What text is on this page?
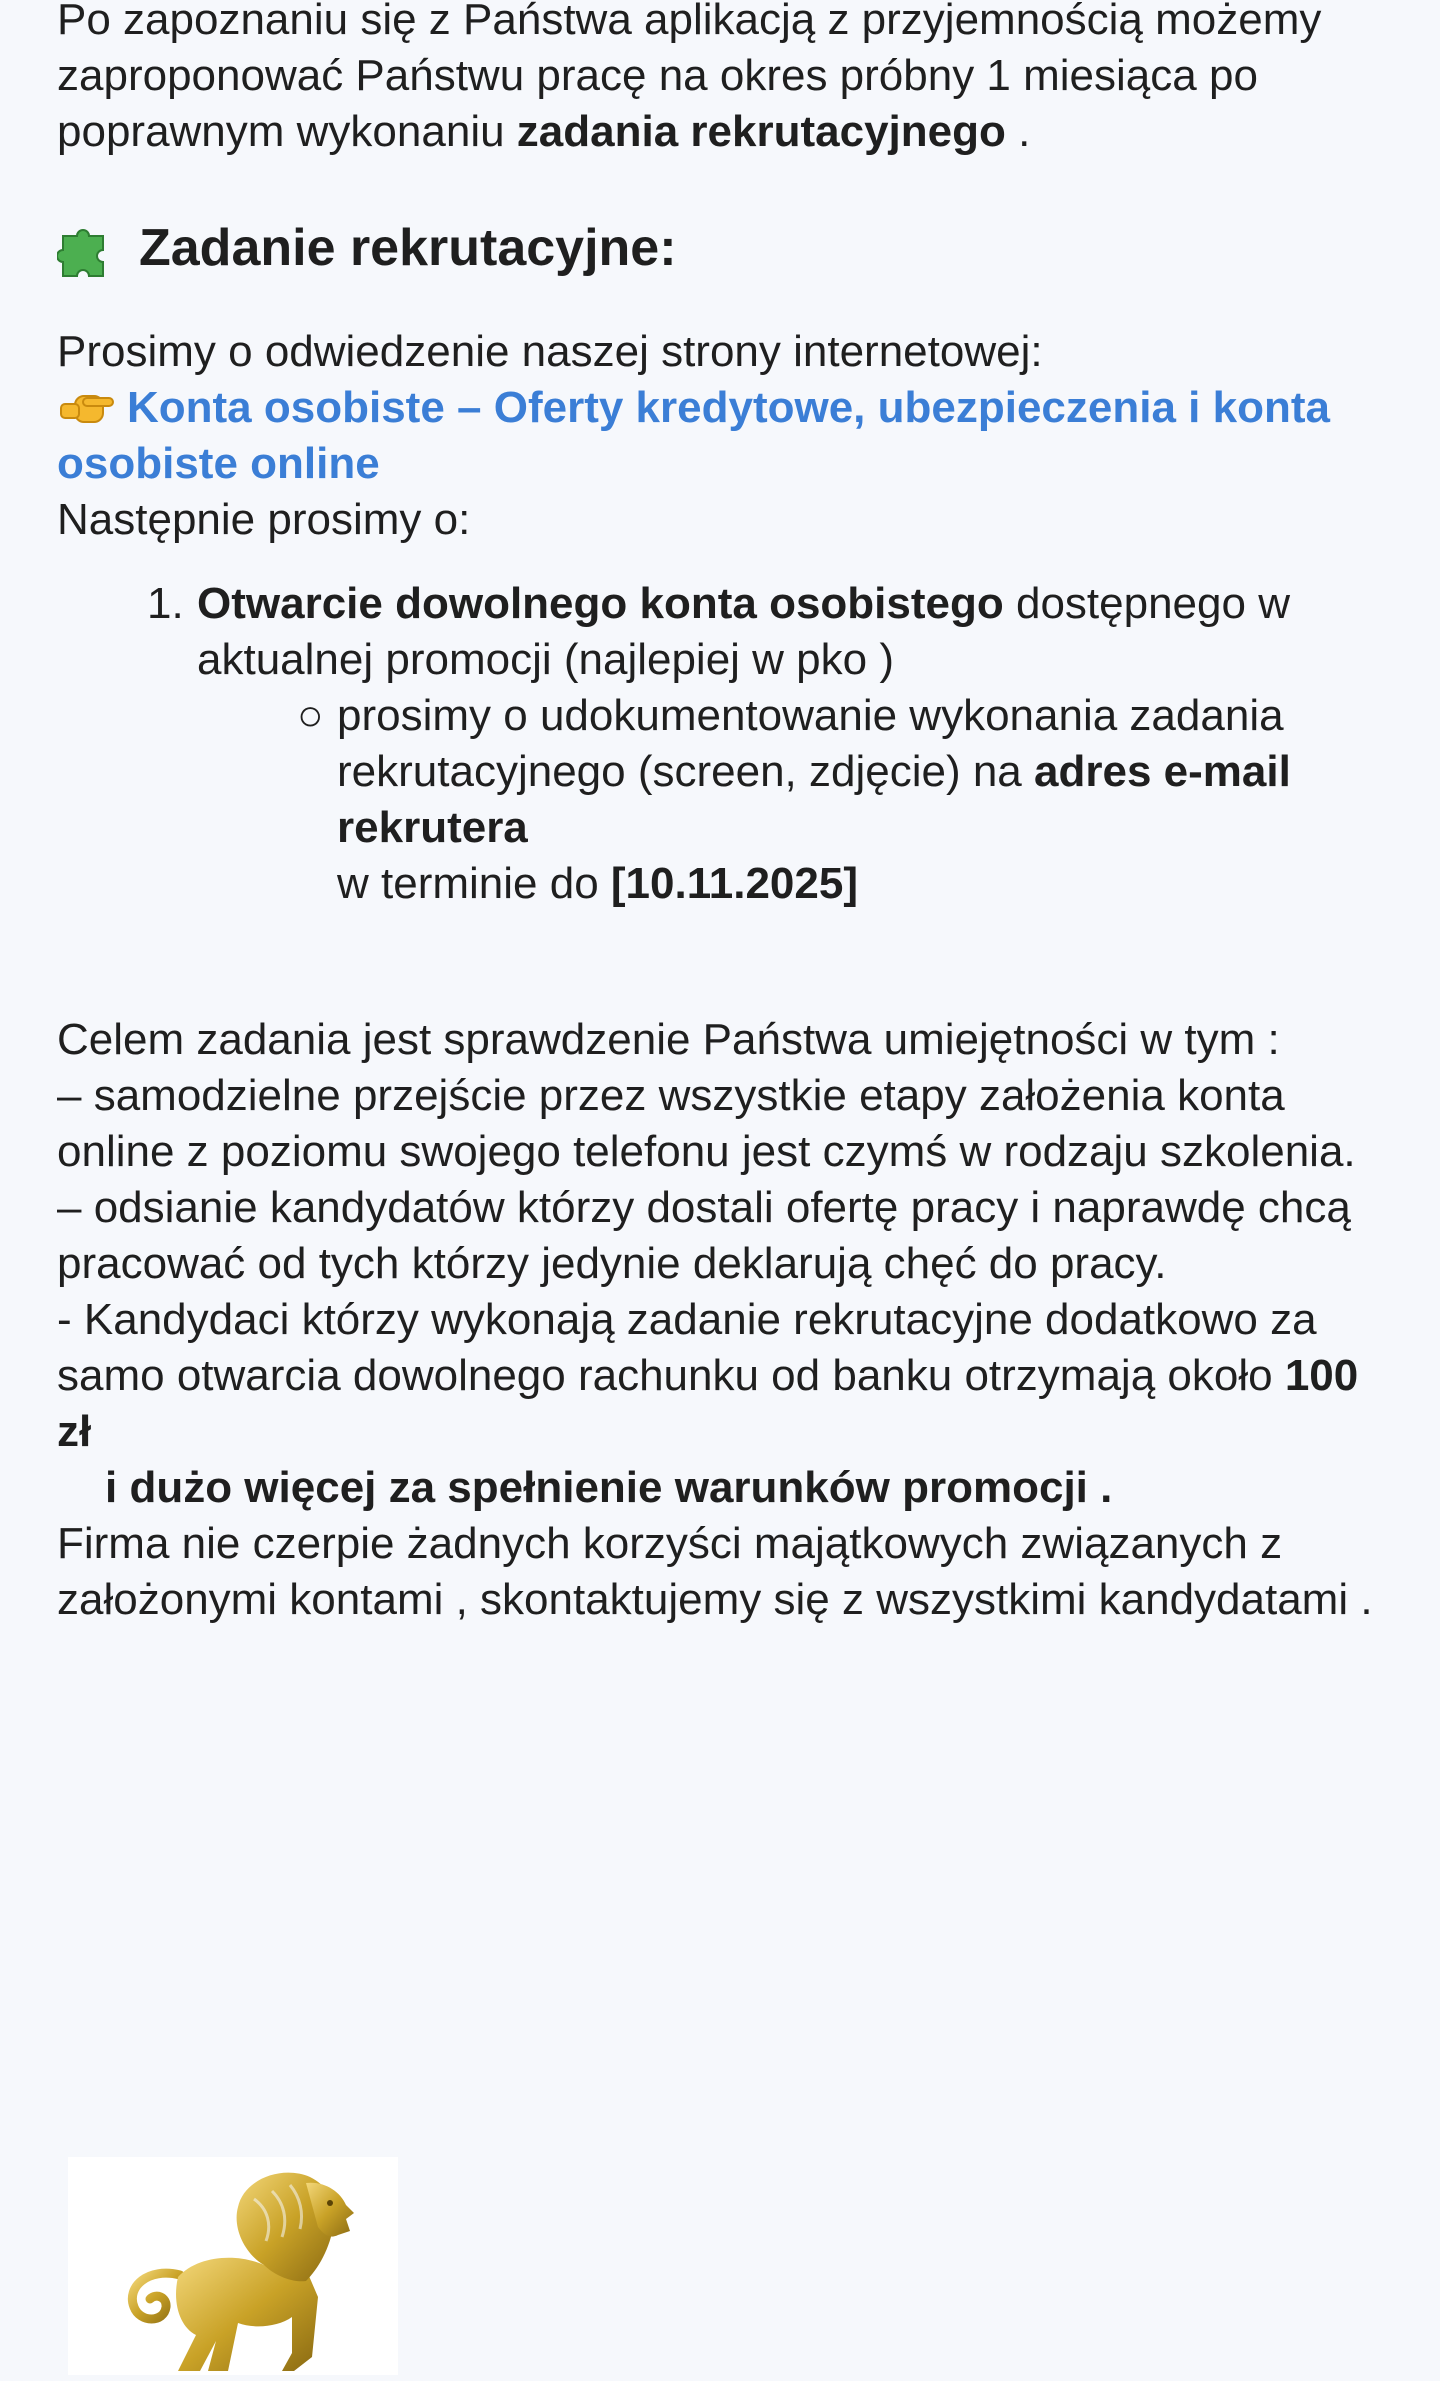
Po zapoznaniu się z Państwa aplikacją z przyjemnością możemy zaproponować Państwu pracę na okres próbny 1 miesiąca po poprawnym wykonaniu zadania rekrutacyjnego .

Zadanie rekrutacyjne:

Prosimy o odwiedzenie naszej strony internetowej:

Konta osobiste – Oferty kredytowe, ubezpieczenia i konta osobiste online

Następnie prosimy o:

1. Otwarcie dowolnego konta osobistego dostępnego w aktualnej promocji (najlepiej w pko )

○ prosimy o udokumentowanie wykonania zadania rekrutacyjnego (screen, zdjęcie) na adres e-mail rekrutera
w terminie do [10.11.2025]

Celem zadania jest sprawdzenie Państwa umiejętności w tym :

– samodzielne przejście przez wszystkie etapy założenia konta online z poziomu swojego telefonu jest czymś w rodzaju szkolenia.

– odsianie kandydatów którzy dostali ofertę pracy i naprawdę chcą pracować od tych którzy jedynie deklarują chęć do pracy.

- Kandydaci którzy wykonają zadanie rekrutacyjne dodatkowo za samo otwarcia dowolnego rachunku od banku otrzymają około 100 zł

i dużo więcej za spełnienie warunków promocji .

Firma nie czerpie żadnych korzyści majątkowych związanych z założonymi kontami , skontaktujemy się z wszystkimi kandydatami .
